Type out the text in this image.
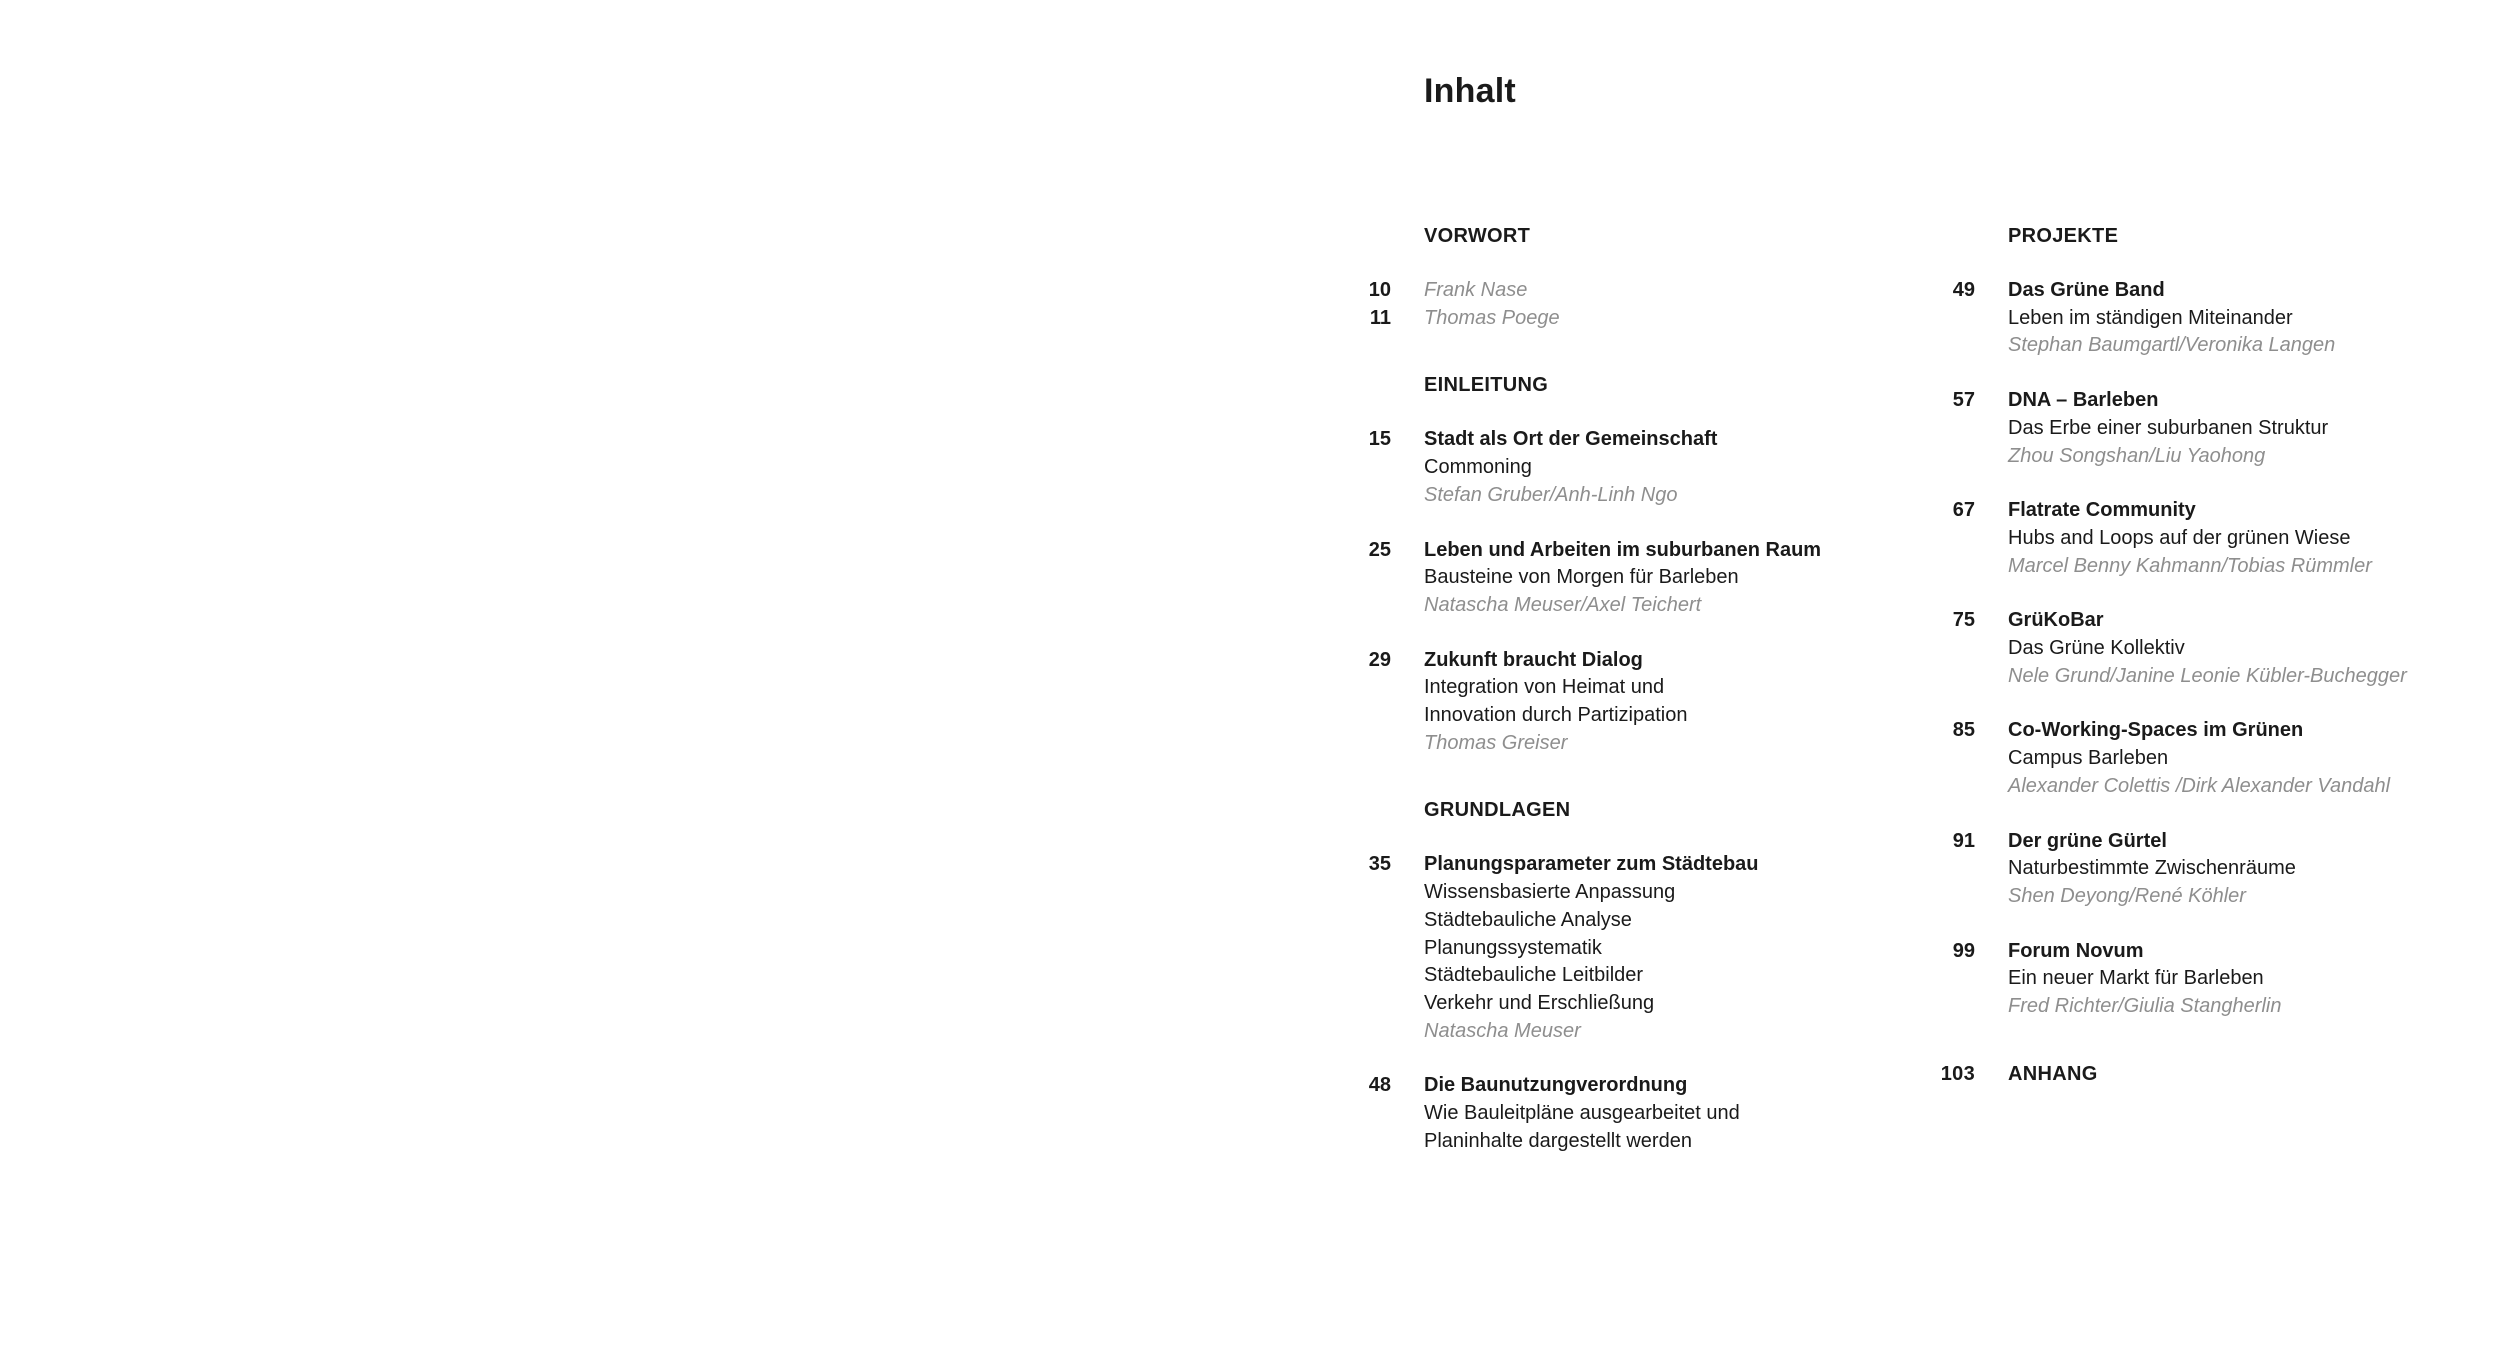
Inhalt
VORWORT
10 Frank Nase
11 Thomas Poege
EINLEITUNG
15 Stadt als Ort der Gemeinschaft
Commoning
Stefan Gruber/Anh-Linh Ngo
25 Leben und Arbeiten im suburbanen Raum
Bausteine von Morgen für Barleben
Natascha Meuser/Axel Teichert
29 Zukunft braucht Dialog
Integration von Heimat und
Innovation durch Partizipation
Thomas Greiser
GRUNDLAGEN
35 Planungsparameter zum Städtebau
Wissensbasierte Anpassung
Städtebauliche Analyse
Planungssystematik
Städtebauliche Leitbilder
Verkehr und Erschließung
Natascha Meuser
48 Die Baunutzungverordnung
Wie Bauleitpläne ausgearbeitet und
Planinhalte dargestellt werden
PROJEKTE
49 Das Grüne Band
Leben im ständigen Miteinander
Stephan Baumgartl/Veronika Langen
57 DNA – Barleben
Das Erbe einer suburbanen Struktur
Zhou Songshan/Liu Yaohong
67 Flatrate Community
Hubs and Loops auf der grünen Wiese
Marcel Benny Kahmann/Tobias Rümmler
75 GrüKoBar
Das Grüne Kollektiv
Nele Grund/Janine Leonie Kübler-Buchegger
85 Co-Working-Spaces im Grünen
Campus Barleben
Alexander Colettis /Dirk Alexander Vandahl
91 Der grüne Gürtel
Naturbestimmte Zwischenräume
Shen Deyong/René Köhler
99 Forum Novum
Ein neuer Markt für Barleben
Fred Richter/Giulia Stangherlin
103 ANHANG
